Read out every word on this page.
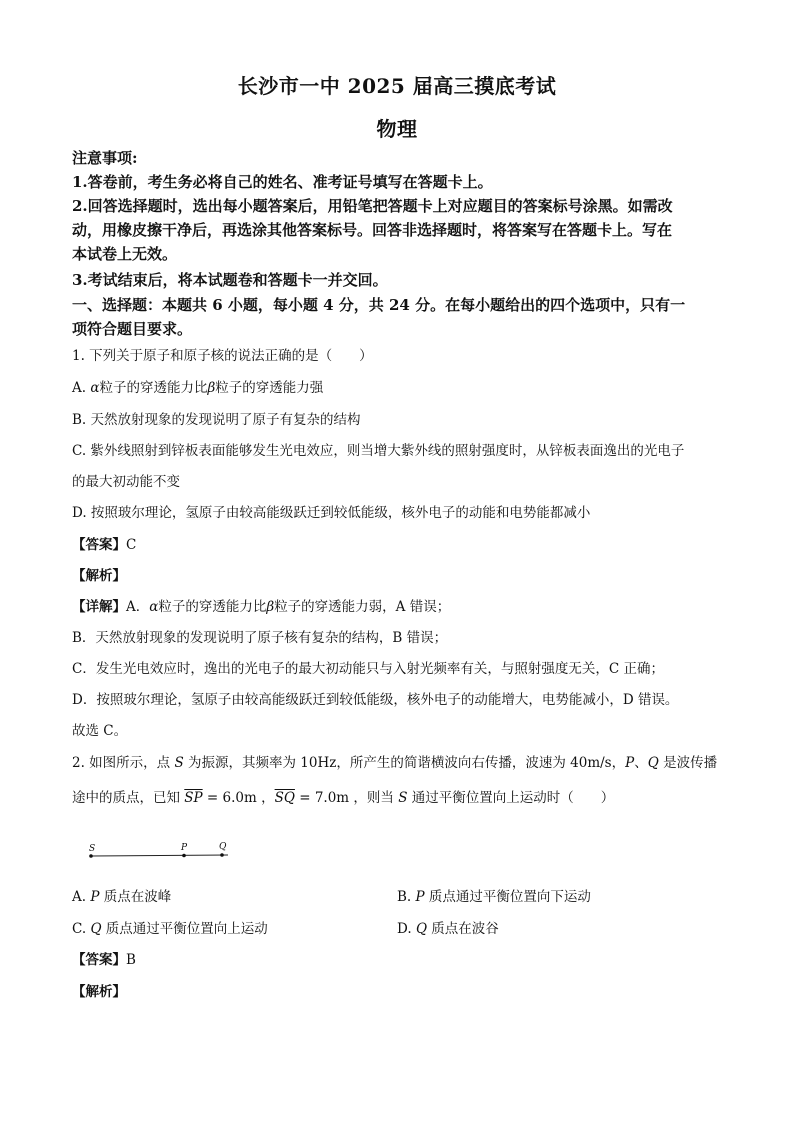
长沙市一中 2025 届高三摸底考试
物理
注意事项:
1.答卷前，考生务必将自己的姓名、准考证号填写在答题卡上。
2.回答选择题时，选出每小题答案后，用铅笔把答题卡上对应题目的答案标号涂黑。如需改
动，用橡皮擦干净后，再选涂其他答案标号。回答非选择题时，将答案写在答题卡上。写在
本试卷上无效。
3.考试结束后，将本试题卷和答题卡一并交回。
一、选择题：本题共 6 小题，每小题 4 分，共 24 分。在每小题给出的四个选项中，只有一
项符合题目要求。
1. 下列关于原子和原子核的说法正确的是（　　）
A. α粒子的穿透能力比β粒子的穿透能力强
B. 天然放射现象的发现说明了原子有复杂的结构
C. 紫外线照射到锌板表面能够发生光电效应，则当增大紫外线的照射强度时，从锌板表面逸出的光电子
的最大初动能不变
D. 按照玻尔理论，氢原子由较高能级跃迁到较低能级，核外电子的动能和电势能都减小
【答案】C
【解析】
【详解】A．α粒子的穿透能力比β粒子的穿透能力弱，A 错误；
B．天然放射现象的发现说明了原子核有复杂的结构，B 错误；
C．发生光电效应时，逸出的光电子的最大初动能只与入射光频率有关，与照射强度无关，C 正确；
D．按照玻尔理论，氢原子由较高能级跃迁到较低能级，核外电子的动能增大，电势能减小，D 错误。
故选 C。
2. 如图所示，点 S 为振源，其频率为 10Hz，所产生的简谐横波向右传播，波速为 40m/s，P、Q 是波传播
途中的质点，已知 $\overline{SP} = 6.0m$ ，$\overline{SQ} = 7.0m$ ，则当 S 通过平衡位置向上运动时（　　）
S	P	Q
A. P 质点在波峰	B. P 质点通过平衡位置向下运动
C. Q 质点通过平衡位置向上运动	D. Q 质点在波谷
【答案】B
【解析】
